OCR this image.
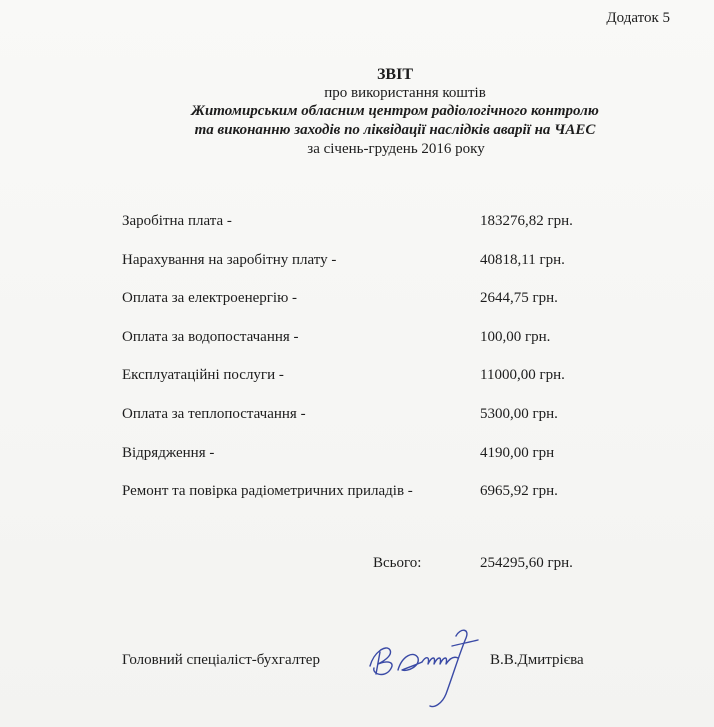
Додаток 5
ЗВІТ
про використання коштів
Житомирським обласним центром радіологічного контролю
та виконанню заходів по ліквідації наслідків аварії на ЧАЕС
за січень-грудень 2016 року
Заробітна плата -	183276,82 грн.
Нарахування на заробітну плату -	40818,11 грн.
Оплата за електроенергію -	2644,75 грн.
Оплата за водопостачання -	100,00 грн.
Експлуатаційні послуги -	11000,00 грн.
Оплата за теплопостачання -	5300,00 грн.
Відрядження -	4190,00 грн
Ремонт та повірка радіометричних приладів -	6965,92 грн.
Всього:	254295,60 грн.
Головний спеціаліст-бухгалтер	В.В.Дмитрієва
